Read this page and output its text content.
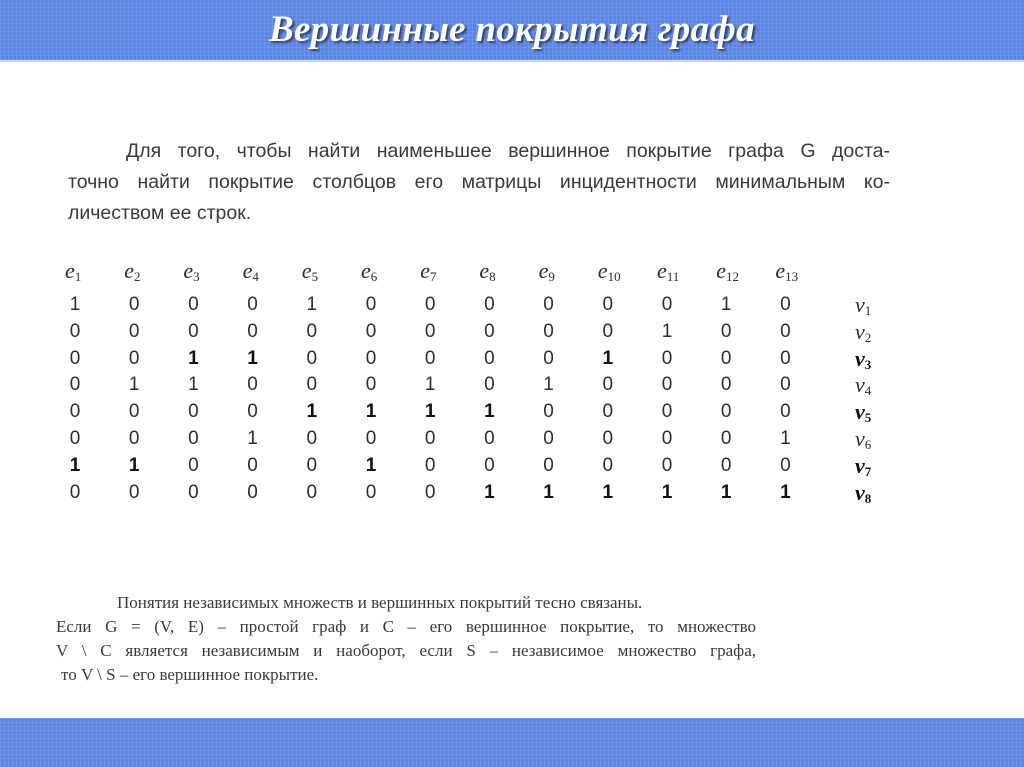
Вершинные покрытия графа

Для того, чтобы найти наименьшее вершинное покрытие графа G доста-
точно найти покрытие столбцов его матрицы инцидентности минимальным ко-
личеством ее строк.

$e_1$ $e_2$ $e_3$ $e_4$ $e_5$ $e_6$ $e_7$ $e_8$ $e_9$ $e_{10}$ $e_{11}$ $e_{12}$ $e_{13}$
1	0	0	0	1	0	0	0	0	0	0	1	0	$v_1$
0	0	0	0	0	0	0	0	0	0	1	0	0	$v_2$
0	0	1	1	0	0	0	0	0	1	0	0	0	$v_3$
0	1	1	0	0	0	1	0	1	0	0	0	0	$v_4$
0	0	0	0	1	1	1	1	0	0	0	0	0	$v_5$
0	0	0	1	0	0	0	0	0	0	0	0	1	$v_6$
1	1	0	0	0	1	0	0	0	0	0	0	0	$v_7$
0	0	0	0	0	0	0	1	1	1	1	1	1	$v_8$

Понятия независимых множеств и вершинных покрытий тесно связаны.
Если G = (V, E) – простой граф и C – его вершинное покрытие, то множество
V \ C является независимым и наоборот, если S – независимое множество графа,
то V \ S – его вершинное покрытие.
